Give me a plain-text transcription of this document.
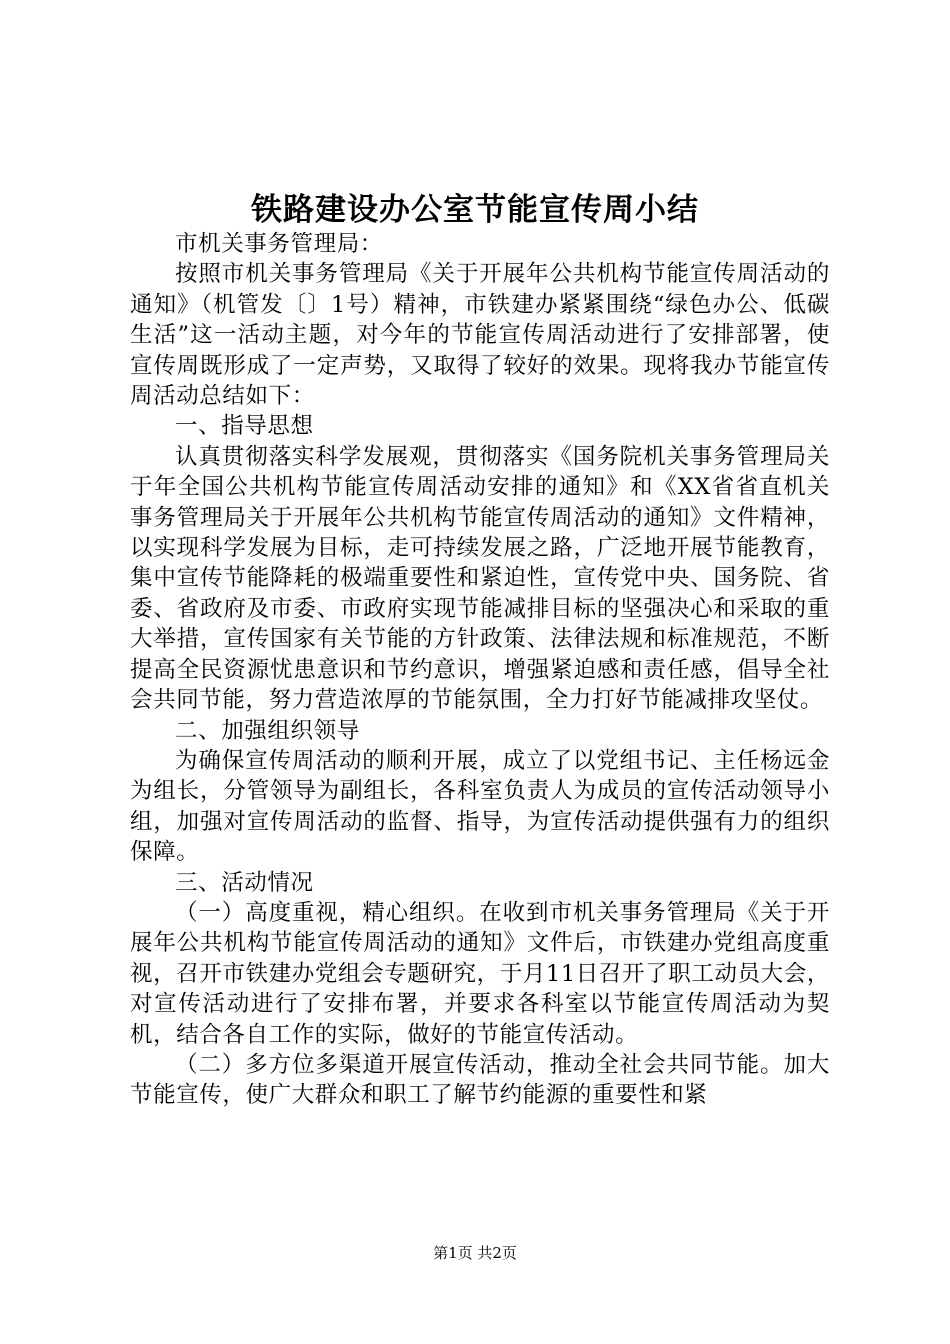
铁路建设办公室节能宣传周小结

市机关事务管理局：

按照市机关事务管理局《关于开展年公共机构节能宣传周活动的通知》（机管发〔〕1号）精神，市铁建办紧紧围绕“绿色办公、低碳生活”这一活动主题，对今年的节能宣传周活动进行了安排部署，使宣传周既形成了一定声势，又取得了较好的效果。现将我办节能宣传周活动总结如下：

一、指导思想

认真贯彻落实科学发展观，贯彻落实《国务院机关事务管理局关于年全国公共机构节能宣传周活动安排的通知》和《XX省省直机关事务管理局关于开展年公共机构节能宣传周活动的通知》文件精神，以实现科学发展为目标，走可持续发展之路，广泛地开展节能教育，集中宣传节能降耗的极端重要性和紧迫性，宣传党中央、国务院、省委、省政府及市委、市政府实现节能减排目标的坚强决心和采取的重大举措，宣传国家有关节能的方针政策、法律法规和标准规范，不断提高全民资源忧患意识和节约意识，增强紧迫感和责任感，倡导全社会共同节能，努力营造浓厚的节能氛围，全力打好节能减排攻坚仗。

二、加强组织领导

为确保宣传周活动的顺利开展，成立了以党组书记、主任杨远金为组长，分管领导为副组长，各科室负责人为成员的宣传活动领导小组，加强对宣传周活动的监督、指导，为宣传活动提供强有力的组织保障。

三、活动情况

（一）高度重视，精心组织。在收到市机关事务管理局《关于开展年公共机构节能宣传周活动的通知》文件后，市铁建办党组高度重视，召开市铁建办党组会专题研究，于月11日召开了职工动员大会，对宣传活动进行了安排布署，并要求各科室以节能宣传周活动为契机，结合各自工作的实际，做好的节能宣传活动。

（二）多方位多渠道开展宣传活动，推动全社会共同节能。加大节能宣传，使广大群众和职工了解节约能源的重要性和紧

第1页 共2页
